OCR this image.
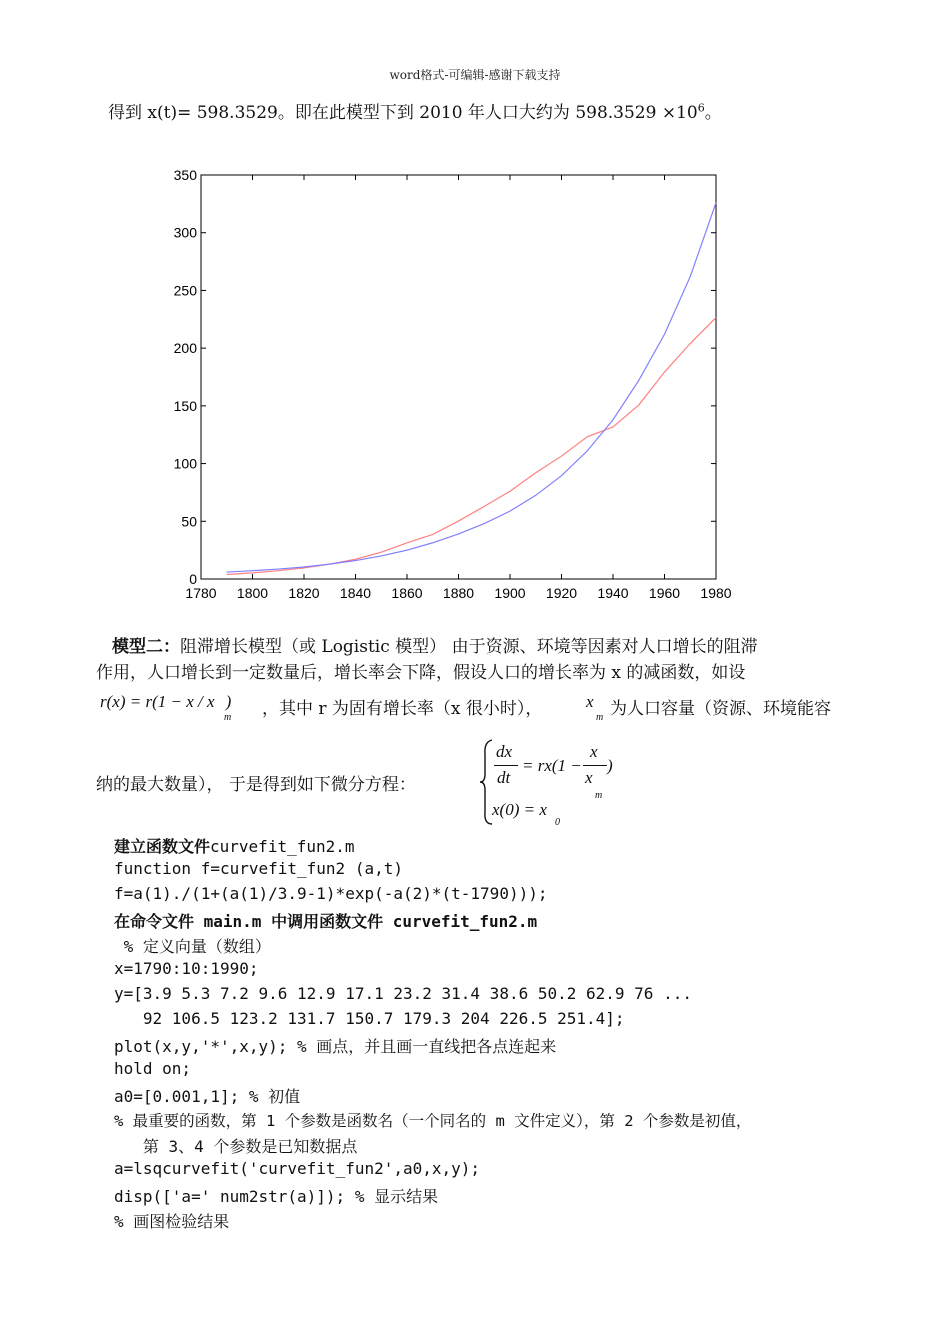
word格式-可编辑-感谢下载支持
得到 x(t)= 598.3529。即在此模型下到 2010 年人口大约为 $598.3529 \times 10^6$。
1780 1800 1820 1840 1860 1880 1900 1920 1940 1960 1980
0
50
100
150
200
250
300
350
模型二：阻滞增长模型（或 Logistic 模型） 由于资源、环境等因素对人口增长的阻滞
作用，人口增长到一定数量后，增长率会下降，假设人口的增长率为 x 的减函数，如设
r(x) = r(1 − x / x
m
) ，其中 r 为固有增长率（x 很小时），	x
m 为人口容量（资源、环境能容
纳的最大数量）， 于是得到如下微分方程：
dx
dt
= rx(1 −
x
x
m
)
x(0) = x
0
建立函数文件curvefit_fun2.m
function f=curvefit_fun2 (a,t)
f=a(1)./(1+(a(1)/3.9-1)*exp(-a(2)*(t-1790)));
在命令文件 main.m 中调用函数文件 curvefit_fun2.m
% 定义向量（数组）
x=1790:10:1990;
y=[3.9 5.3 7.2 9.6 12.9 17.1 23.2 31.4 38.6 50.2 62.9 76 ...
92 106.5 123.2 131.7 150.7 179.3 204 226.5 251.4];
plot(x,y,'*',x,y); % 画点，并且画一直线把各点连起来
hold on;
a0=[0.001,1]; % 初值
% 最重要的函数，第 1 个参数是函数名（一个同名的 m 文件定义），第 2 个参数是初值，
第 3、4 个参数是已知数据点
a=lsqcurvefit('curvefit_fun2',a0,x,y);
disp(['a=' num2str(a)]); % 显示结果
% 画图检验结果
